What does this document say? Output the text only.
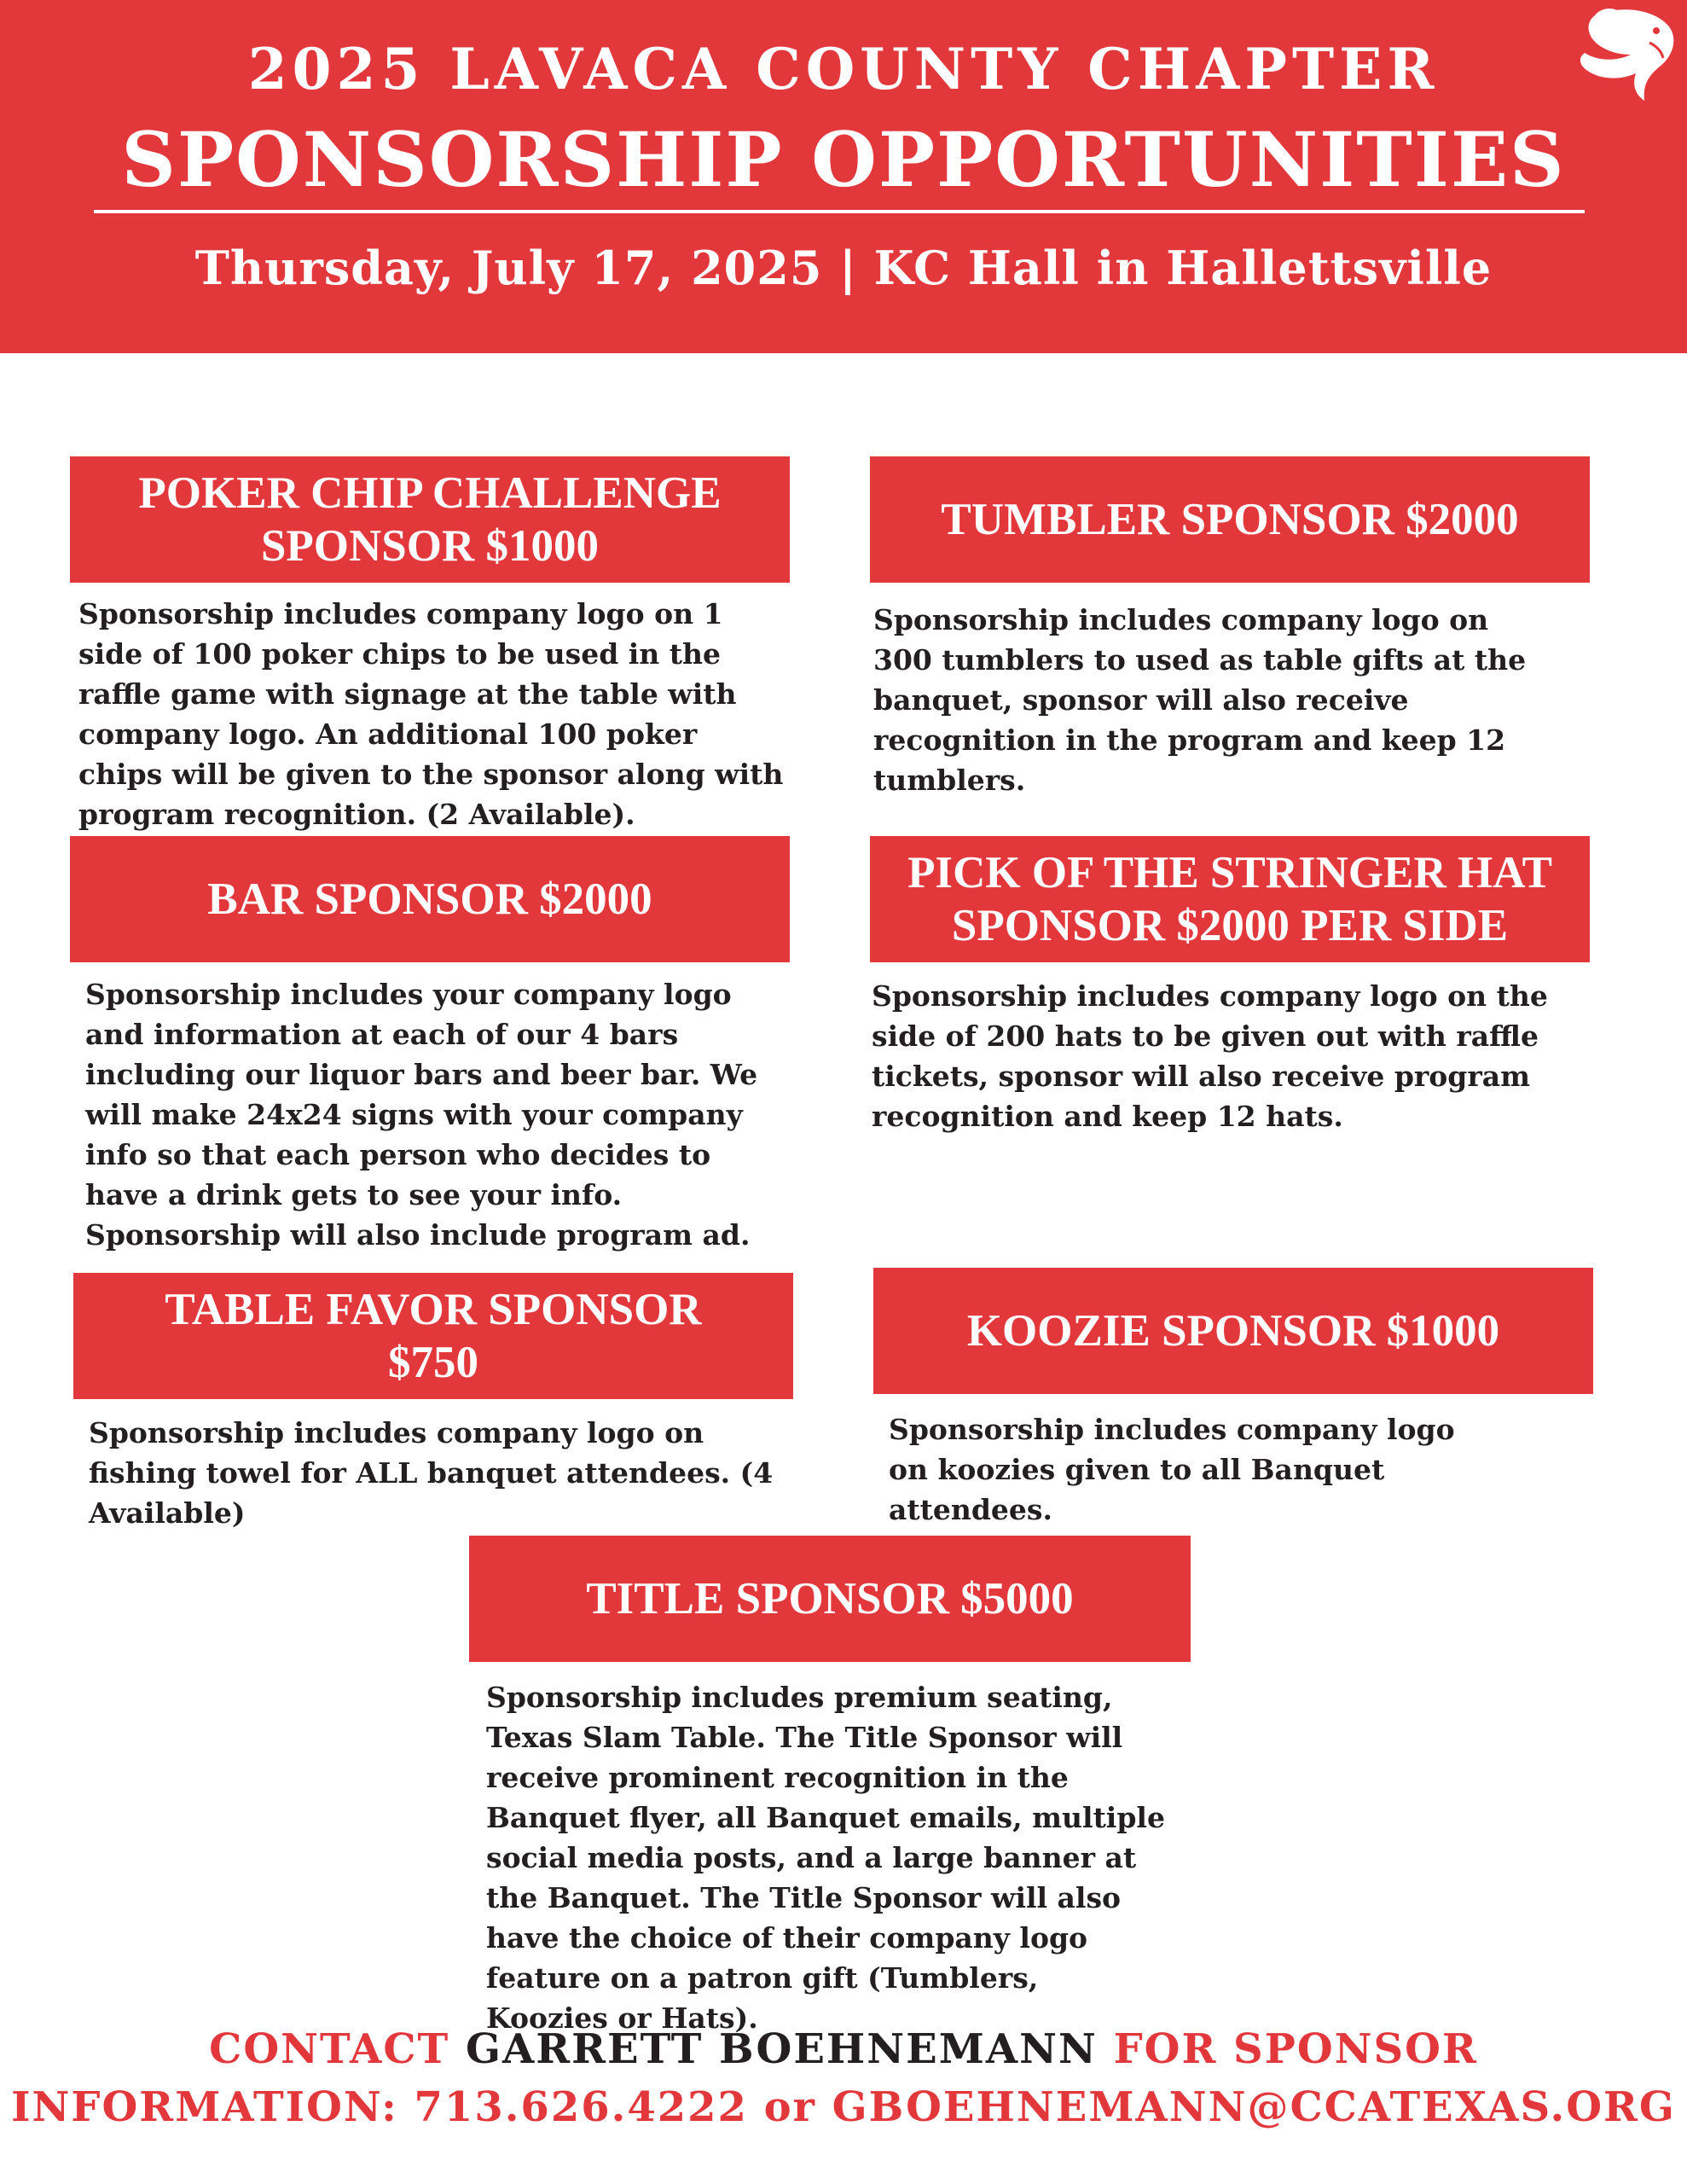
2025 LAVACA COUNTY CHAPTER
SPONSORSHIP OPPORTUNITIES
Thursday, July 17, 2025 | KC Hall in Hallettsville
POKER CHIP CHALLENGE
SPONSOR $1000
Sponsorship includes company logo on 1 side of 100 poker chips to be used in the raffle game with signage at the table with company logo. An additional 100 poker chips will be given to the sponsor along with program recognition. (2 Available).
BAR SPONSOR $2000
Sponsorship includes your company logo and information at each of our 4 bars including our liquor bars and beer bar. We will make 24x24 signs with your company info so that each person who decides to have a drink gets to see your info. Sponsorship will also include program ad.
TABLE FAVOR SPONSOR
$750
Sponsorship includes company logo on fishing towel for ALL banquet attendees. (4 Available)
TUMBLER SPONSOR $2000
Sponsorship includes company logo on 300 tumblers to used as table gifts at the banquet, sponsor will also receive recognition in the program and keep 12 tumblers.
PICK OF THE STRINGER HAT
SPONSOR $2000 PER SIDE
Sponsorship includes company logo on the side of 200 hats to be given out with raffle tickets, sponsor will also receive program recognition and keep 12 hats.
KOOZIE SPONSOR $1000
Sponsorship includes company logo on koozies given to all Banquet attendees.
TITLE SPONSOR $5000
Sponsorship includes premium seating, Texas Slam Table. The Title Sponsor will receive prominent recognition in the Banquet flyer, all Banquet emails, multiple social media posts, and a large banner at the Banquet. The Title Sponsor will also have the choice of their company logo feature on a patron gift (Tumblers, Koozies or Hats).
CONTACT GARRETT BOEHNEMANN FOR SPONSOR
INFORMATION: 713.626.4222 or GBOEHNEMANN@CCATEXAS.ORG
